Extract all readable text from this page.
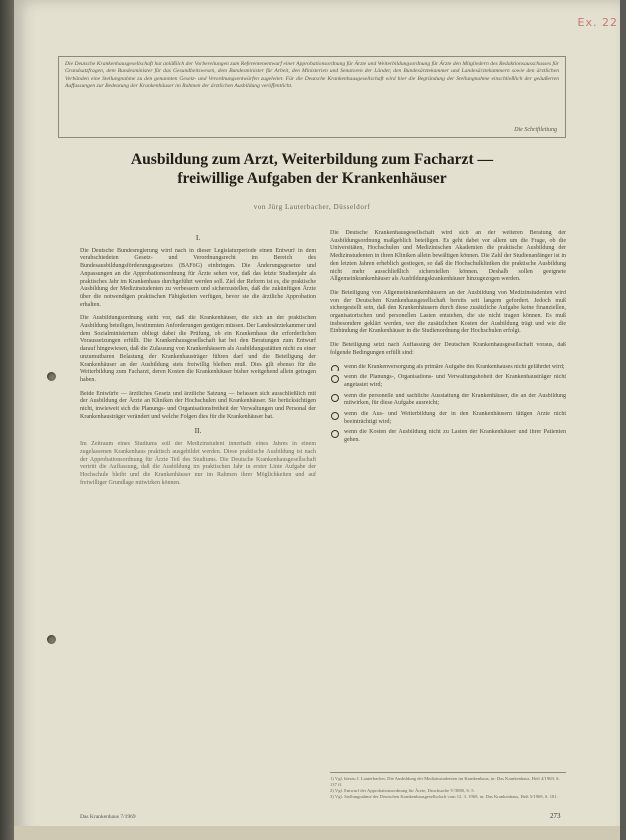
Ex. 22
Die Deutsche Krankenhausgesellschaft hat anläßlich der Vorbereitungen zum Referentenentwurf einer Approbationsordnung für Ärzte und Weiterbildungsordnung für Ärzte den Mitgliedern des Redaktionsausschusses für Grundsatzfragen, dem Bundesminister für das Gesundheitswesen, dem Bundesminister für Arbeit, den Ministerien und Senatoren der Länder, den Bundesärztekammer und Landesärztekammern sowie den ärztlichen Verbänden eine Stellungnahme zu den genannten Gesetz- und Verordnungsentwürfen zugeleitet. Für die Deutsche Krankenhausgesellschaft wird hier die Begründung der Stellungnahme einschließlich der geäußerten Auffassungen zur Bedeutung der Krankenhäuser im Rahmen der ärztlichen Ausbildung veröffentlicht.
Die Schriftleitung
Ausbildung zum Arzt, Weiterbildung zum Facharzt —
freiwillige Aufgaben der Krankenhäuser
von Jürg Lauterbacher, Düsseldorf
I.

Die Deutsche Bundesregierung wird nach in dieser Legislaturperiode einen Entwurf in dem verabschiedeten Gesetz- und Verordnungsrecht im Bereich des Bundesausbildungsförderungsgesetzes (BAFöG) einbringen. Die Änderungsgesetze und Anpassungen an die Approbationsordnung für Ärzte sehen vor, daß das letzte Studienjahr als praktisches Jahr im Krankenhaus durchgeführt werden soll. Ziel der Reform ist es, die praktische Ausbildung der Medizinstudenten zu verbessern und sicherzustellen, daß die zukünftigen Ärzte über die notwendigen praktischen Fähigkeiten verfügen, bevor sie die ärztliche Approbation erhalten.

Die Ausbildungsordnung sieht vor, daß die Krankenhäuser, die sich an der praktischen Ausbildung beteiligen, bestimmten Anforderungen genügen müssen. Der Landesärztekammer und dem Sozialministerium obliegt dabei die Prüfung, ob ein Krankenhaus die erforderlichen Voraussetzungen erfüllt. Die Krankenhausgesellschaft hat bei den Beratungen zum Entwurf darauf hingewiesen, daß die Zulassung von Krankenhäusern als Ausbildungsstätten nicht zu einer unzumutbaren Belastung der Krankenhausträger führen darf und die Beteiligung der Krankenhäuser an der Ausbildung stets freiwillig bleiben muß. Dies gilt ebenso für die Weiterbildung zum Facharzt, deren Kosten die Krankenhäuser bisher weitgehend allein getragen haben.

Beide Entwürfe — ärztliches Gesetz und ärztliche Satzung — befassen sich ausschließlich mit der Ausbildung der Ärzte an Kliniken der Hochschulen und Krankenhäuser. Sie berücksichtigen nicht, inwieweit sich die Planungs- und Organisationsfreiheit der Verwaltungen und Personal der Krankenhausträger verändert und welche Folgen dies für die Krankenhäuser hat.

II.

Im Zeitraum eines Studiums soll der Medizinstudent innerhalb eines Jahres in einem zugelassenen Krankenhaus praktisch ausgebildet werden. Diese praktische Ausbildung ist nach der Approbationsordnung für Ärzte Teil des Studiums. Die Deutsche Krankenhausgesellschaft vertritt die Auffassung, daß die Ausbildung im praktischen Jahr in erster Linie Aufgabe der Hochschule bleibt und die Krankenhäuser nur im Rahmen ihrer Möglichkeiten und auf freiwilliger Grundlage mitwirken können.

Die Deutsche Krankenhausgesellschaft wird sich an der weiteren Beratung der Ausbildungsordnung maßgeblich beteiligen. Es geht dabei vor allem um die Frage, ob die Universitäten, Hochschulen und Medizinischen Akademien die praktische Ausbildung der Medizinstudenten in ihren Kliniken allein bewältigen können. Die Zahl der Studienanfänger ist in den letzten Jahren erheblich gestiegen, so daß die Hochschulkliniken die praktische Ausbildung nicht mehr ausschließlich sicherstellen können. Deshalb sollen geeignete Allgemeinkrankenhäuser als Ausbildungskrankenhäuser hinzugezogen werden.

Die Beteiligung von Allgemeinkrankenhäusern an der Ausbildung von Medizinstudenten wird von der Deutschen Krankenhausgesellschaft bereits seit langem gefordert. Jedoch muß sichergestellt sein, daß den Krankenhäusern durch diese zusätzliche Aufgabe keine finanziellen, organisatorischen und personellen Lasten entstehen, die sie nicht tragen können. Es muß insbesondere geklärt werden, wer die zusätzlichen Kosten der Ausbildung trägt und wie die Einbindung der Krankenhäuser in die Studienordnung der Hochschulen erfolgt.

Die Beteiligung setzt nach Auffassung der Deutschen Krankenhausgesellschaft voraus, daß folgende Bedingungen erfüllt sind:

wenn die Krankenversorgung als primäre Aufgabe des Krankenhauses nicht gefährdet wird;
wenn die Planungs-, Organisations- und Verwaltungshoheit der Krankenhausträger nicht angetastet wird;
wenn die personelle und sachliche Ausstattung der Krankenhäuser, die an der Ausbildung mitwirken, für diese Aufgabe ausreicht;
wenn die Aus- und Weiterbildung der in den Krankenhäusern tätigen Ärzte nicht beeinträchtigt wird;
wenn die Kosten der Ausbildung nicht zu Lasten der Krankenhäuser und ihrer Patienten gehen.
1) Vgl. hierzu J. Lauterbacher, Die Ausbildung der Medizinstudenten im Krankenhaus, in: Das Krankenhaus, Heft 4/1969, S. 137 ff.
2) Vgl. Entwurf der Approbationsordnung für Ärzte, Drucksache V/3880, S. 5.
3) Vgl. Stellungnahme der Deutschen Krankenhausgesellschaft vom 12. 3. 1969, in: Das Krankenhaus, Heft 5/1969, S. 181.
Das Krankenhaus 7/1969	273
